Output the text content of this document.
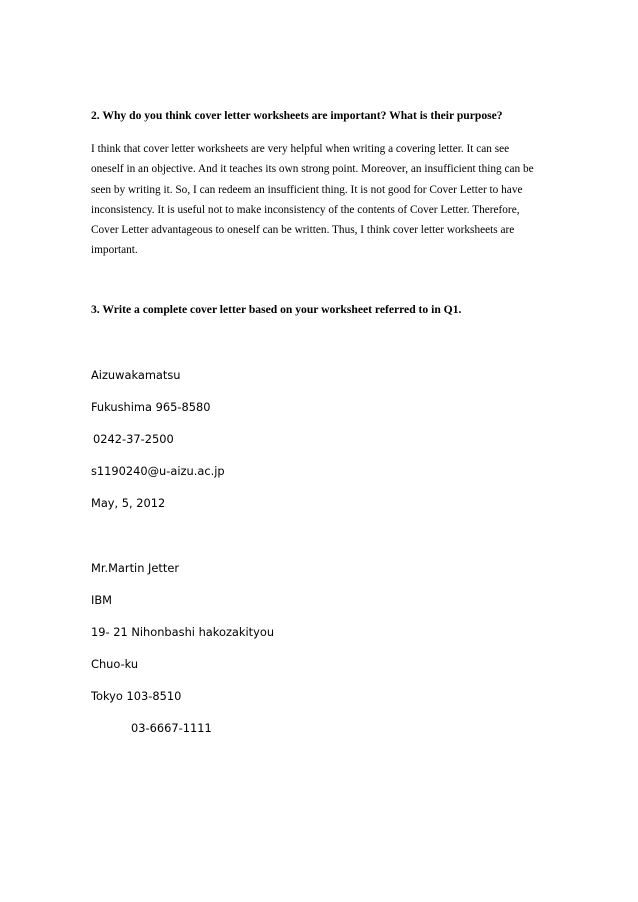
2. Why do you think cover letter worksheets are important? What is their purpose?
I think that cover letter worksheets are very helpful when writing a covering letter. It can see
oneself in an objective. And it teaches its own strong point. Moreover, an insufficient thing can be
seen by writing it. So, I can redeem an insufficient thing. It is not good for Cover Letter to have
inconsistency. It is useful not to make inconsistency of the contents of Cover Letter. Therefore,
Cover Letter advantageous to oneself can be written. Thus, I think cover letter worksheets are
important.
3. Write a complete cover letter based on your worksheet referred to in Q1.
Aizuwakamatsu
Fukushima 965-8580
0242-37-2500
s1190240@u-aizu.ac.jp
May, 5, 2012
Mr.Martin Jetter
IBM
19- 21 Nihonbashi hakozakityou
Chuo-ku
Tokyo 103-8510
03-6667-1111
